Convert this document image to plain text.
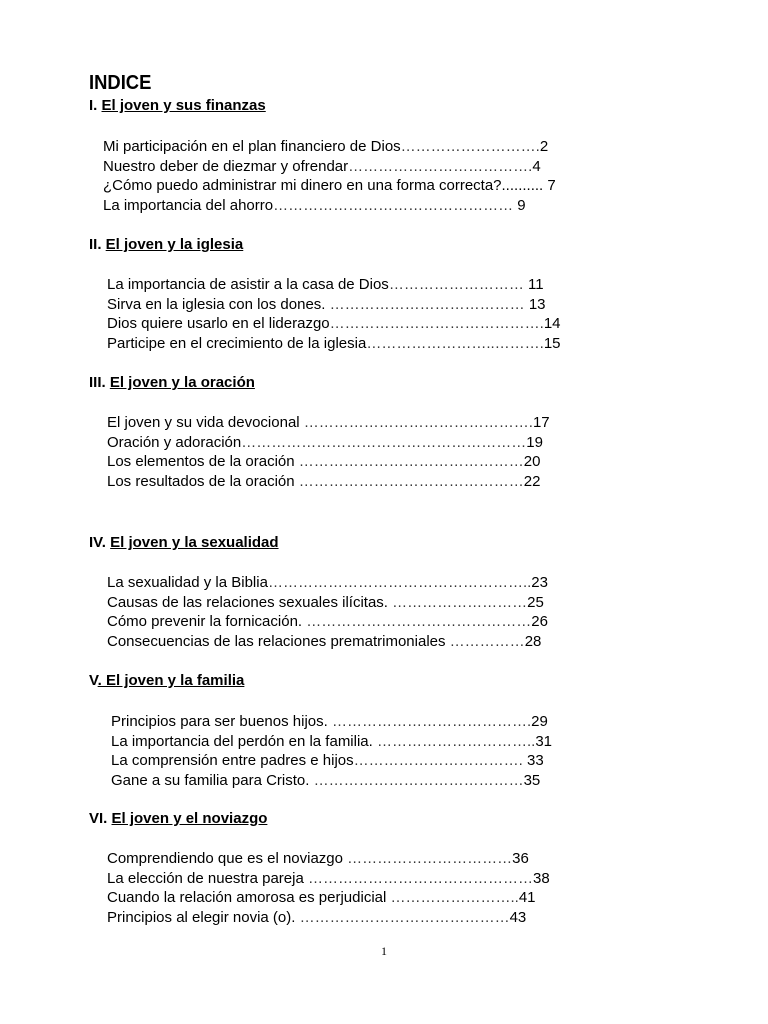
INDICE
I. El joven y sus finanzas
Mi participación en el plan financiero de Dios……………………….2
Nuestro deber de diezmar y ofrendar……………………………….4
¿Cómo puedo administrar mi dinero en una forma correcta?.......... 7
La importancia del ahorro………………………………………… 9
II. El joven y la iglesia
La importancia de asistir a la casa de Dios……………………… 11
Sirva en la iglesia con los dones. ………………………………… 13
Dios quiere usarlo en el liderazgo…………………………………….14
Participe en el crecimiento de la iglesia……………………..……….15
III. El joven y la oración
El joven y su vida devocional ……………………………………….17
Oración y adoración…………………………………………………19
Los elementos de la oración ………………………………………20
Los resultados de la oración ………………………………………22
IV. El joven y la sexualidad
La sexualidad y la Biblia……………………………………………..23
Causas de las relaciones sexuales ilícitas. ………………………25
Cómo prevenir la fornicación. ………………………………………26
Consecuencias de las relaciones prematrimoniales ……………28
V. El joven y la familia
Principios para ser buenos hijos. ………………………………….29
La importancia del perdón en la familia. …………………………..31
La comprensión entre padres e hijos……………………………. 33
Gane a su familia para Cristo. ……………………………………35
VI. El joven y el noviazgo
Comprendiendo que es el noviazgo ……………………………36
La elección de nuestra pareja ………………………………………38
Cuando la relación amorosa es perjudicial ……………………..41
Principios al elegir novia (o). ……………………………………43

1
